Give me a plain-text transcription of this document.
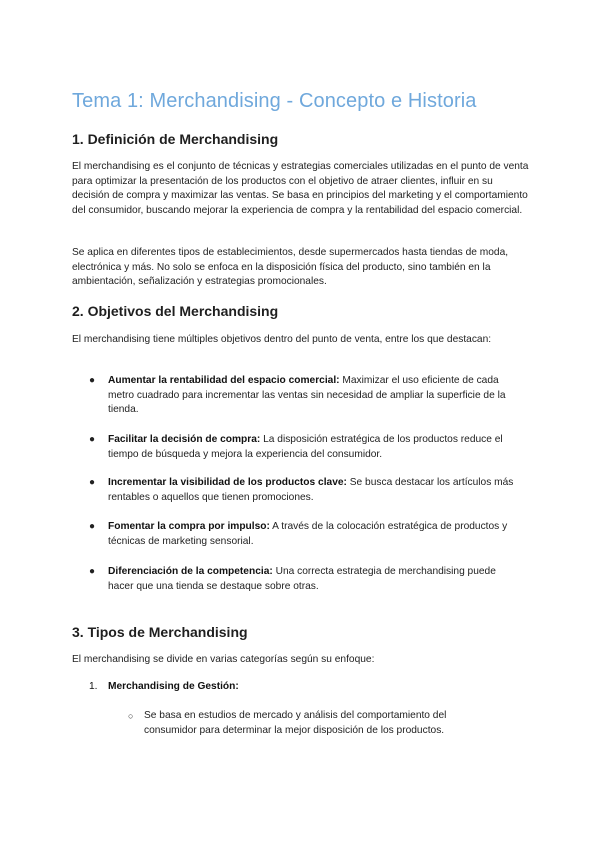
Tema 1: Merchandising - Concepto e Historia
1. Definición de Merchandising

El merchandising es el conjunto de técnicas y estrategias comerciales utilizadas en el punto de venta para optimizar la presentación de los productos con el objetivo de atraer clientes, influir en su decisión de compra y maximizar las ventas. Se basa en principios del marketing y el comportamiento del consumidor, buscando mejorar la experiencia de compra y la rentabilidad del espacio comercial.

Se aplica en diferentes tipos de establecimientos, desde supermercados hasta tiendas de moda, electrónica y más. No solo se enfoca en la disposición física del producto, sino también en la ambientación, señalización y estrategias promocionales.

2. Objetivos del Merchandising

El merchandising tiene múltiples objetivos dentro del punto de venta, entre los que destacan:

● Aumentar la rentabilidad del espacio comercial: Maximizar el uso eficiente de cada metro cuadrado para incrementar las ventas sin necesidad de ampliar la superficie de la tienda.
● Facilitar la decisión de compra: La disposición estratégica de los productos reduce el tiempo de búsqueda y mejora la experiencia del consumidor.
● Incrementar la visibilidad de los productos clave: Se busca destacar los artículos más rentables o aquellos que tienen promociones.
● Fomentar la compra por impulso: A través de la colocación estratégica de productos y técnicas de marketing sensorial.
● Diferenciación de la competencia: Una correcta estrategia de merchandising puede hacer que una tienda se destaque sobre otras.
3. Tipos de Merchandising

El merchandising se divide en varias categorías según su enfoque:

1. Merchandising de Gestión:
○ Se basa en estudios de mercado y análisis del comportamiento del consumidor para determinar la mejor disposición de los productos.
